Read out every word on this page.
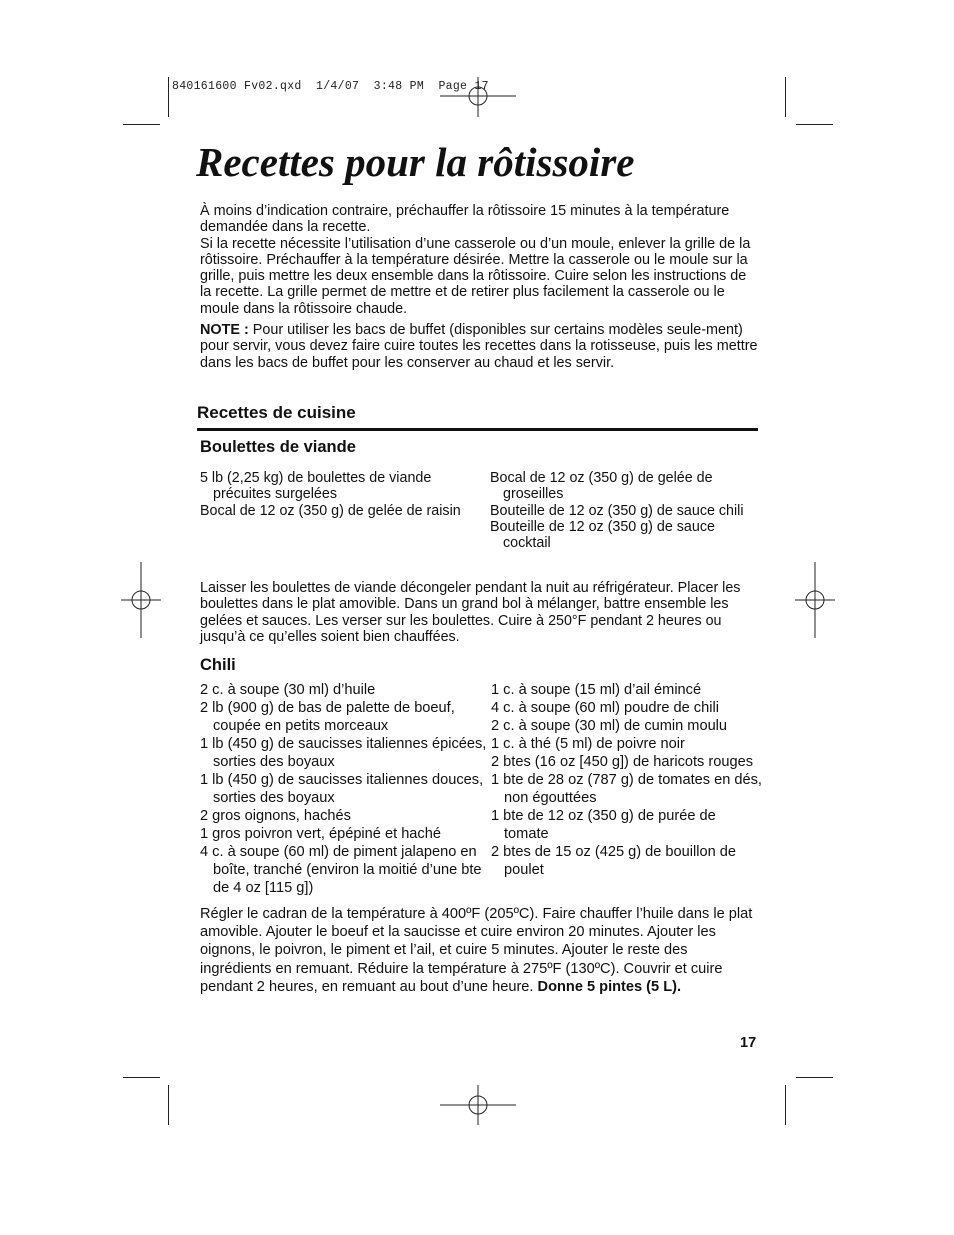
840161600 Fv02.qxd  1/4/07  3:48 PM  Page 17
Recettes pour la rôtissoire

À moins d’indication contraire, préchauffer la rôtissoire 15 minutes à la température demandée dans la recette.

Si la recette nécessite l’utilisation d’une casserole ou d’un moule, enlever la grille de la rôtissoire. Préchauffer à la température désirée. Mettre la casserole ou le moule sur la grille, puis mettre les deux ensemble dans la rôtissoire. Cuire selon les instructions de la recette. La grille permet de mettre et de retirer plus facilement la casserole ou le moule dans la rôtissoire chaude.

NOTE : Pour utiliser les bacs de buffet (disponibles sur certains modèles seule-ment) pour servir, vous devez faire cuire toutes les recettes dans la rotisseuse, puis les mettre dans les bacs de buffet pour les conserver au chaud et les servir.

Recettes de cuisine
Boulettes de viande
5 lb (2,25 kg) de boulettes de viande précuites surgelées
Bocal de 12 oz (350 g) de gelée de raisin
Bocal de 12 oz (350 g) de gelée de groseilles
Bouteille de 12 oz (350 g) de sauce chili
Bouteille de 12 oz (350 g) de sauce cocktail

Laisser les boulettes de viande décongeler pendant la nuit au réfrigérateur. Placer les boulettes dans le plat amovible. Dans un grand bol à mélanger, battre ensemble les gelées et sauces. Les verser sur les boulettes. Cuire à 250°F pendant 2 heures ou jusqu’à ce qu’elles soient bien chauffées.

Chili
2 c. à soupe (30 ml) d’huile
2 lb (900 g) de bas de palette de boeuf, coupée en petits morceaux
1 lb (450 g) de saucisses italiennes épicées, sorties des boyaux
1 lb (450 g) de saucisses italiennes douces, sorties des boyaux
2 gros oignons, hachés
1 gros poivron vert, épépiné et haché
4 c. à soupe (60 ml) de piment jalapeno en boîte, tranché (environ la moitié d’une bte de 4 oz [115 g])
1 c. à soupe (15 ml) d’ail émincé
4 c. à soupe (60 ml) poudre de chili
2 c. à soupe (30 ml) de cumin moulu
1 c. à thé (5 ml) de poivre noir
2 btes (16 oz [450 g]) de haricots rouges
1 bte de 28 oz (787 g) de tomates en dés, non égouttées
1 bte de 12 oz (350 g) de purée de tomate
2 btes de 15 oz (425 g) de bouillon de poulet

Régler le cadran de la température à 400ºF (205ºC). Faire chauffer l’huile dans le plat amovible. Ajouter le boeuf et la saucisse et cuire environ 20 minutes. Ajouter les oignons, le poivron, le piment et l’ail, et cuire 5 minutes. Ajouter le reste des ingrédients en remuant. Réduire la température à 275ºF (130ºC). Couvrir et cuire pendant 2 heures, en remuant au bout d’une heure. Donne 5 pintes (5 L).

17
